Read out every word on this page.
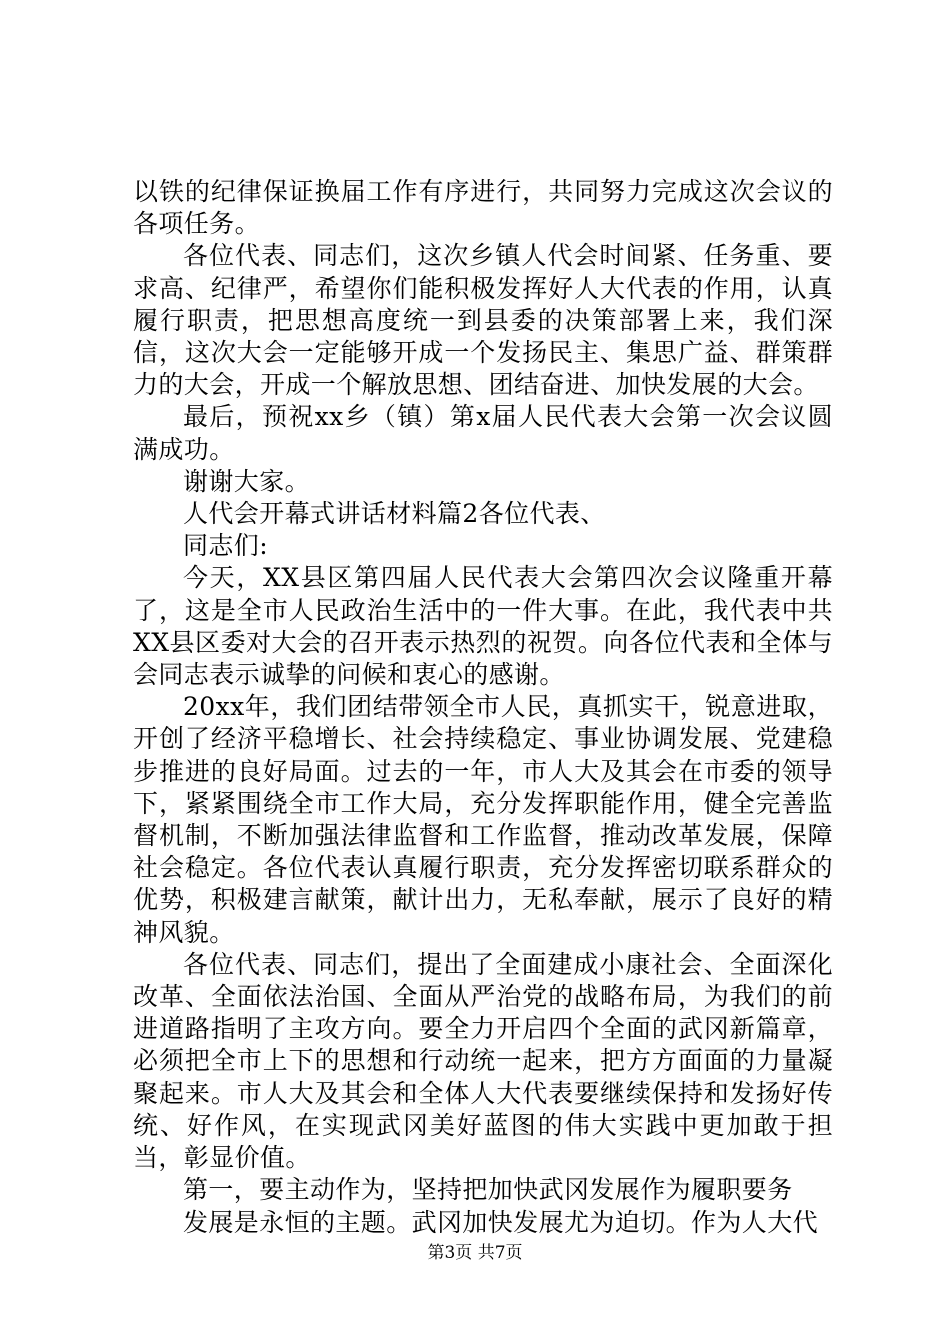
以铁的纪律保证换届工作有序进行，共同努力完成这次会议的各项任务。

各位代表、同志们，这次乡镇人代会时间紧、任务重、要求高、纪律严，希望你们能积极发挥好人大代表的作用，认真履行职责，把思想高度统一到县委的决策部署上来，我们深信，这次大会一定能够开成一个发扬民主、集思广益、群策群力的大会，开成一个解放思想、团结奋进、加快发展的大会。

最后，预祝xx乡（镇）第x届人民代表大会第一次会议圆满成功。

谢谢大家。

人代会开幕式讲话材料篇2各位代表、

同志们:

今天，XX县区第四届人民代表大会第四次会议隆重开幕了，这是全市人民政治生活中的一件大事。在此，我代表中共XX县区委对大会的召开表示热烈的祝贺。向各位代表和全体与会同志表示诚挚的问候和衷心的感谢。

20xx年，我们团结带领全市人民，真抓实干，锐意进取，开创了经济平稳增长、社会持续稳定、事业协调发展、党建稳步推进的良好局面。过去的一年，市人大及其会在市委的领导下，紧紧围绕全市工作大局，充分发挥职能作用，健全完善监督机制，不断加强法律监督和工作监督，推动改革发展，保障社会稳定。各位代表认真履行职责，充分发挥密切联系群众的优势，积极建言献策，献计出力，无私奉献，展示了良好的精神风貌。

各位代表、同志们，提出了全面建成小康社会、全面深化改革、全面依法治国、全面从严治党的战略布局，为我们的前进道路指明了主攻方向。要全力开启四个全面的武冈新篇章，必须把全市上下的思想和行动统一起来，把方方面面的力量凝聚起来。市人大及其会和全体人大代表要继续保持和发扬好传统、好作风，在实现武冈美好蓝图的伟大实践中更加敢于担当，彰显价值。

第一，要主动作为，坚持把加快武冈发展作为履职要务

发展是永恒的主题。武冈加快发展尤为迫切。作为人大代

第3页 共7页
